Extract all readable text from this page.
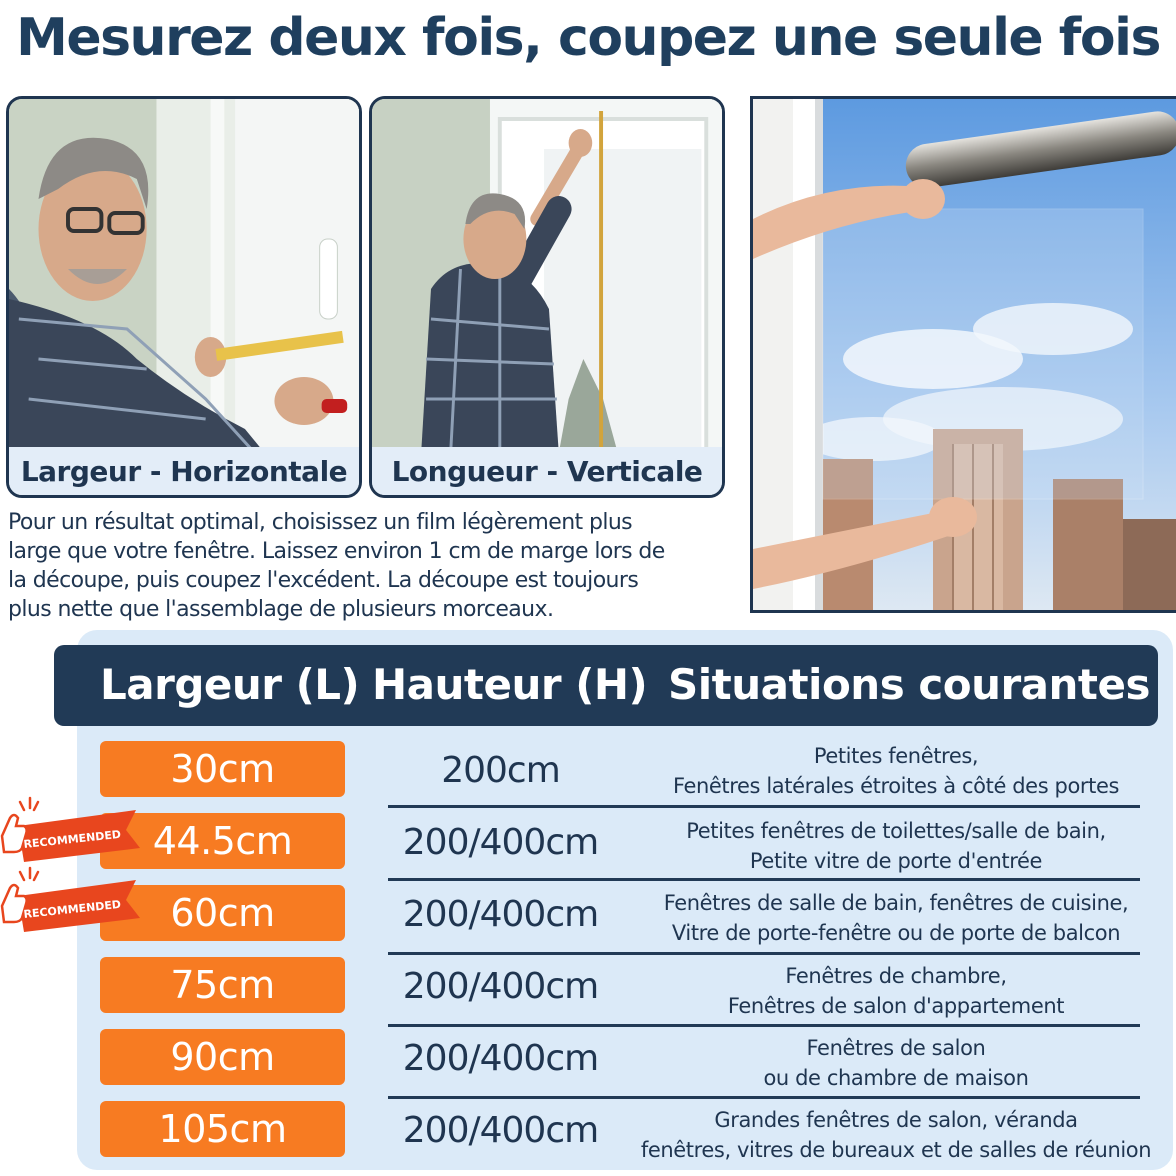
Mesurez deux fois, coupez une seule fois
Largeur - Horizontale	Longueur - Verticale
Pour un résultat optimal, choisissez un film légèrement plus
large que votre fenêtre. Laissez environ 1 cm de marge lors de
la découpe, puis coupez l'excédent. La découpe est toujours
plus nette que l'assemblage de plusieurs morceaux.
Largeur (L) Hauteur (H) Situations courantes
30cm	200cm	Petites fenêtres,
Fenêtres latérales étroites à côté des portes
44.5cm	200/400cm	Petites fenêtres de toilettes/salle de bain,
Petite vitre de porte d'entrée
60cm	200/400cm	Fenêtres de salle de bain, fenêtres de cuisine,
Vitre de porte-fenêtre ou de porte de balcon
75cm	200/400cm	Fenêtres de chambre,
Fenêtres de salon d'appartement
90cm	200/400cm	Fenêtres de salon
ou de chambre de maison
105cm	200/400cm	Grandes fenêtres de salon, véranda
fenêtres, vitres de bureaux et de salles de réunion
RECOMMENDED
RECOMMENDED
